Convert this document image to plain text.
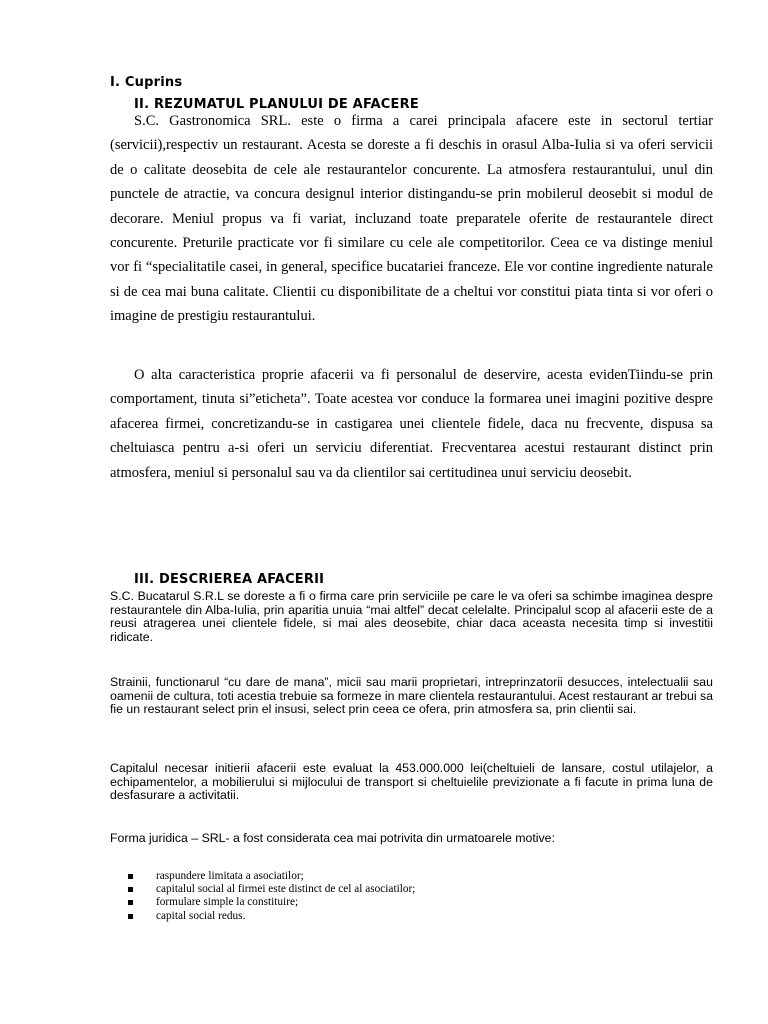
I. Cuprins
II. REZUMATUL PLANULUI DE AFACERE

S.C. Gastronomica SRL. este o firma a carei principala afacere este in sectorul tertiar (servicii),respectiv un restaurant. Acesta se doreste a fi deschis in orasul Alba-Iulia si va oferi servicii de o calitate deosebita de cele ale restaurantelor concurente. La atmosfera restaurantului, unul din punctele de atractie, va concura designul interior distingandu-se prin mobilerul deosebit si modul de decorare. Meniul propus va fi variat, incluzand toate preparatele oferite de restaurantele direct concurente. Preturile practicate vor fi similare cu cele ale competitorilor. Ceea ce va distinge meniul vor fi “specialitatile casei, in general, specifice bucatariei franceze. Ele vor contine ingrediente naturale si de cea mai buna calitate. Clientii cu disponibilitate de a cheltui vor constitui piata tinta si vor oferi o imagine de prestigiu restaurantului.

O alta caracteristica proprie afacerii va fi personalul de deservire, acesta evidenTiindu-se prin comportament, tinuta si”eticheta”. Toate acestea vor conduce la formarea unei imagini pozitive despre afacerea firmei, concretizandu-se in castigarea unei clientele fidele, daca nu frecvente, dispusa sa cheltuiasca pentru a-si oferi un serviciu diferentiat. Frecventarea acestui restaurant distinct prin atmosfera, meniul si personalul sau va da clientilor sai certitudinea unui serviciu deosebit.

III. DESCRIEREA AFACERII

S.C. Bucatarul S.R.L se doreste a fi o firma care prin serviciile pe care le va oferi sa schimbe imaginea despre restaurantele din Alba-Iulia, prin aparitia unuia “mai altfel” decat celelalte. Principalul scop al afacerii este de a reusi atragerea unei clientele fidele, si mai ales deosebite, chiar daca aceasta necesita timp si investitii ridicate.

Strainii, functionarul “cu dare de mana”, micii sau marii proprietari, intreprinzatorii desucces, intelectualii sau oamenii de cultura, toti acestia trebuie sa formeze in mare clientela restaurantului. Acest restaurant ar trebui sa fie un restaurant select prin el insusi, select prin ceea ce ofera, prin atmosfera sa, prin clientii sai.

Capitalul necesar initierii afacerii este evaluat la 453.000.000 lei(cheltuieli de lansare, costul utilajelor, a echipamentelor, a mobilierului si mijlocului de transport si cheltuielile previzionate a fi facute in prima luna de desfasurare a activitatii.

Forma juridica – SRL- a fost considerata cea mai potrivita din urmatoarele motive:

raspundere limitata a asociatilor;
capitalul social al firmei este distinct de cel al asociatilor;
formulare simple la constituire;
capital social redus.
